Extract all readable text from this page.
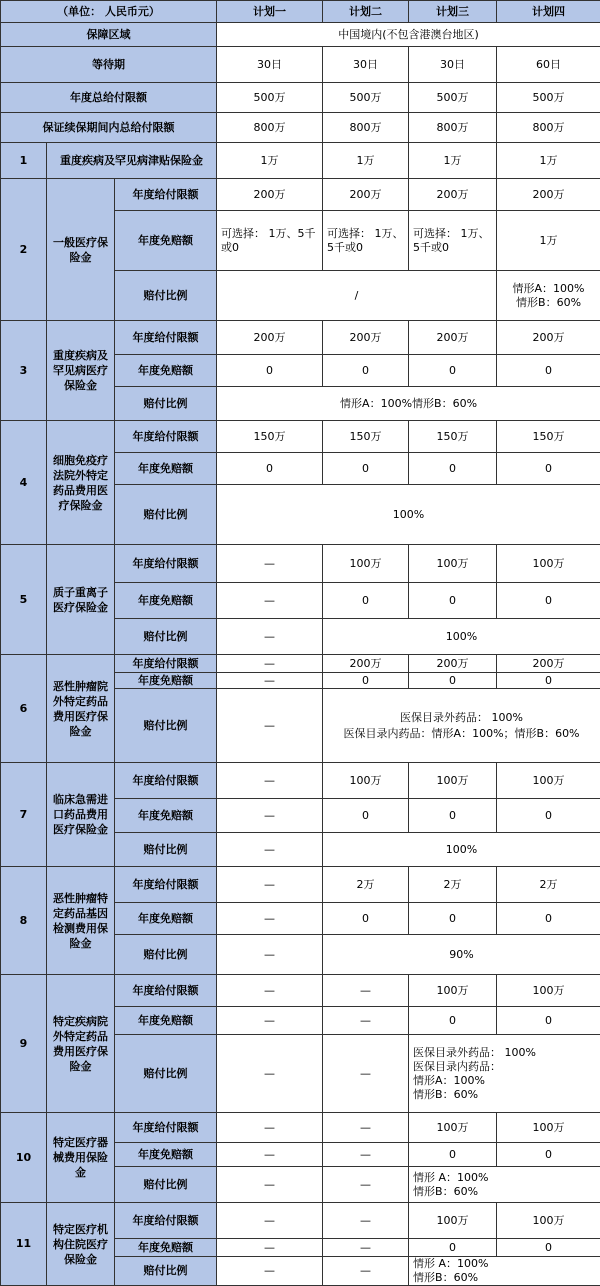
（单位： 人民币元）			计划一	计划二	计划三	计划四
保障区域			中国境内(不包含港澳台地区)			
等待期			30日	30日	30日	60日
年度总给付限额			500万	500万	500万	500万
保证续保期间内总给付限额			800万	800万	800万	800万
1	重度疾病及罕见病津贴保险金		1万	1万	1万	1万
2	一般医疗保险金	年度给付限额	200万	200万	200万	200万
		年度免赔额	可选择： 1万、5千或0	可选择： 1万、5千或0	可选择： 1万、5千或0	1万
		赔付比例	/			情形A：100%
情形B：60%
3	重度疾病及罕见病医疗保险金	年度给付限额	200万	200万	200万	200万
		年度免赔额	0	0	0	0
		赔付比例	情形A：100%情形B：60%			
4	细胞免疫疗法院外特定药品费用医疗保险金	年度给付限额	150万	150万	150万	150万
		年度免赔额	0	0	0	0
		赔付比例	100%			
5	质子重离子医疗保险金	年度给付限额	—	100万	100万	100万
		年度免赔额	—	0	0	0
		赔付比例	—	100%		
6	恶性肿瘤院外特定药品费用医疗保险金	年度给付限额	—	200万	200万	200万
		年度免赔额	—	0	0	0
		赔付比例	—	医保目录外药品： 100%
医保目录内药品：情形A：100%；情形B：60%		
7	临床急需进口药品费用医疗保险金	年度给付限额	—	100万	100万	100万
		年度免赔额	—	0	0	0
		赔付比例	—	100%		
8	恶性肿瘤特定药品基因检测费用保险金	年度给付限额	—	2万	2万	2万
		年度免赔额	—	0	0	0
		赔付比例	—	90%		
9	特定疾病院外特定药品费用医疗保险金	年度给付限额	—	—	100万	100万
		年度免赔额	—	—	0	0
		赔付比例	—	—	医保目录外药品： 100%
医保目录内药品：
情形A：100%
情形B：60%	
10	特定医疗器械费用保险金	年度给付限额	—	—	100万	100万
		年度免赔额	—	—	0	0
		赔付比例	—	—	情形 A：100%
情形B：60%	
11	特定医疗机构住院医疗保险金	年度给付限额	—	—	100万	100万
		年度免赔额	—	—	0	0
		赔付比例	—	—	情形 A：100%
情形B：60%	
